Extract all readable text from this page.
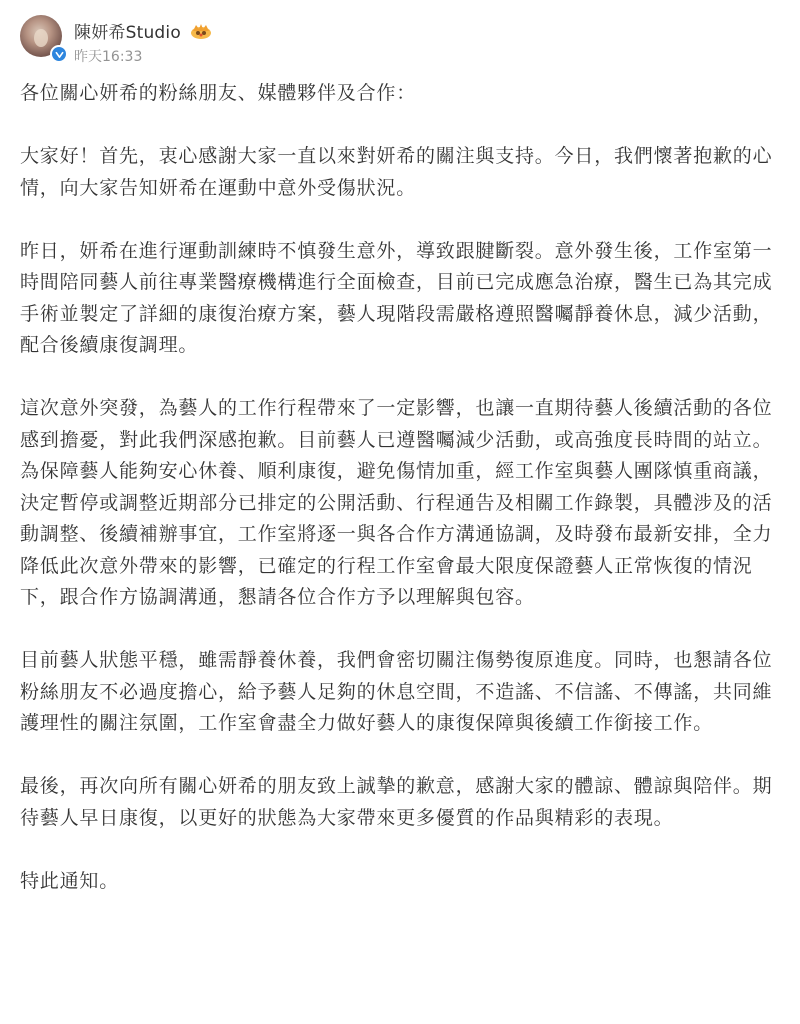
陳妍希Studio
昨天16:33

各位關心妍希的粉絲朋友、媒體夥伴及合作：

大家好！首先，衷心感謝大家一直以來對妍希的關注與支持。今日，我們懷著抱歉的心情，向大家告知妍希在運動中意外受傷狀況。

昨日，妍希在進行運動訓練時不慎發生意外，導致跟腱斷裂。意外發生後，工作室第一時間陪同藝人前往專業醫療機構進行全面檢查，目前已完成應急治療，醫生已為其完成手術並製定了詳細的康復治療方案，藝人現階段需嚴格遵照醫囑靜養休息，減少活動，配合後續康復調理。

這次意外突發，為藝人的工作行程帶來了一定影響，也讓一直期待藝人後續活動的各位感到擔憂，對此我們深感抱歉。目前藝人已遵醫囑減少活動，或高強度長時間的站立。為保障藝人能夠安心休養、順利康復，避免傷情加重，經工作室與藝人團隊慎重商議，決定暫停或調整近期部分已排定的公開活動、行程通告及相關工作錄製，具體涉及的活動調整、後續補辦事宜，工作室將逐一與各合作方溝通協調，及時發布最新安排，全力降低此次意外帶來的影響，已確定的行程工作室會最大限度保證藝人正常恢復的情況下，跟合作方協調溝通，懇請各位合作方予以理解與包容。

目前藝人狀態平穩，雖需靜養休養，我們會密切關注傷勢復原進度。同時，也懇請各位粉絲朋友不必過度擔心，給予藝人足夠的休息空間，不造謠、不信謠、不傳謠，共同維護理性的關注氛圍，工作室會盡全力做好藝人的康復保障與後續工作銜接工作。

最後，再次向所有關心妍希的朋友致上誠摯的歉意，感謝大家的體諒、體諒與陪伴。期待藝人早日康復，以更好的狀態為大家帶來更多優質的作品與精彩的表現。

特此通知。
